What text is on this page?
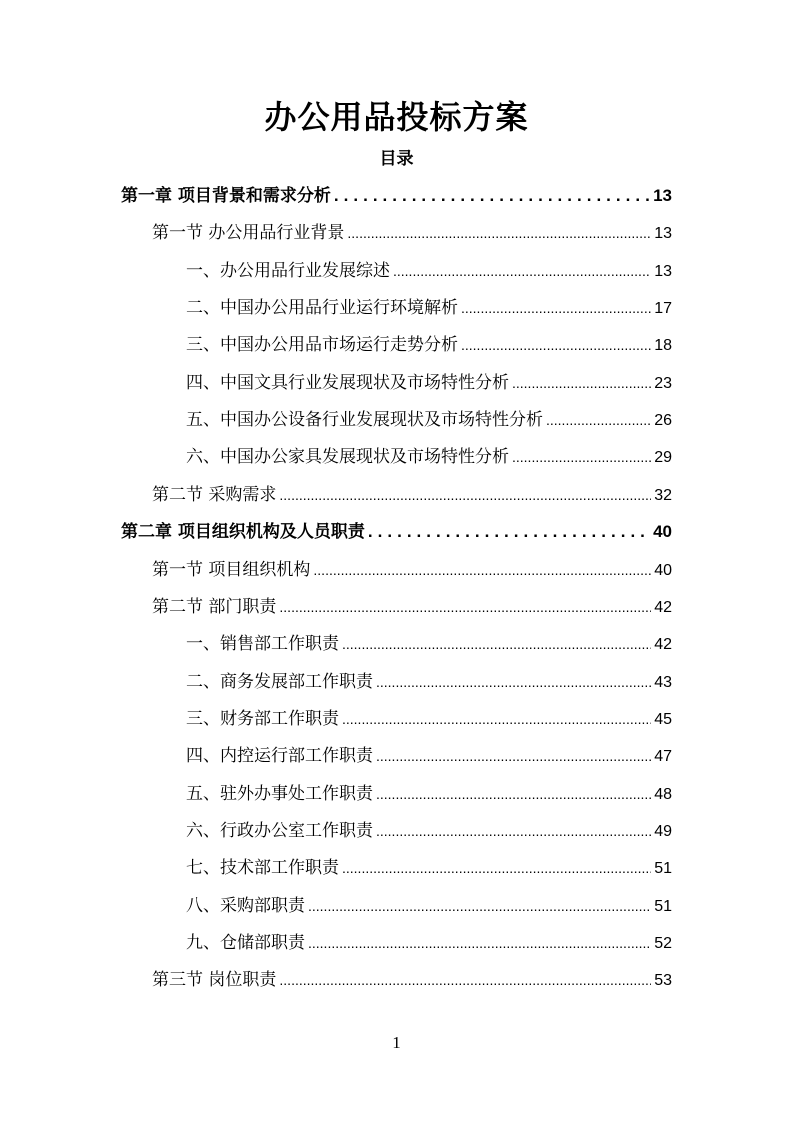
办公用品投标方案
目录
第一章 项目背景和需求分析 .....	13
第一节 办公用品行业背景 .....	13
一、办公用品行业发展综述 .....	13
二、中国办公用品行业运行环境解析 .....	17
三、中国办公用品市场运行走势分析 .....	18
四、中国文具行业发展现状及市场特性分析 .....	23
五、中国办公设备行业发展现状及市场特性分析 .....	26
六、中国办公家具发展现状及市场特性分析 .....	29
第二节 采购需求 .....	32
第二章 项目组织机构及人员职责 .....	40
第一节 项目组织机构 .....	40
第二节 部门职责 .....	42
一、销售部工作职责 .....	42
二、商务发展部工作职责 .....	43
三、财务部工作职责 .....	45
四、内控运行部工作职责 .....	47
五、驻外办事处工作职责 .....	48
六、行政办公室工作职责 .....	49
七、技术部工作职责 .....	51
八、采购部职责 .....	51
九、仓储部职责 .....	52
第三节 岗位职责 .....	53
1
